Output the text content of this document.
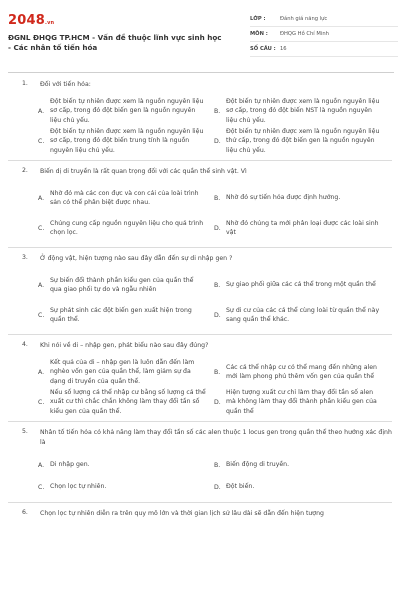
2048.vn
ĐGNL ĐHQG TP.HCM - Vấn đề thuộc lĩnh vực sinh học - Các nhân tố tiến hóa
LỚP :	Đánh giá năng lực
MÔN :	ĐHQG Hồ Chí Minh
SỐ CÂU : 16
1. Đối với tiến hóa:
A.
Đột biến tự nhiên được xem là nguồn nguyên liệu sơ cấp, trong đó đột biến gen là nguồn nguyên liệu chủ yếu.
B.
Đột biến tự nhiên được xem là nguồn nguyên liệu sơ cấp, trong đó đột biến NST là nguồn nguyên liệu chủ yếu.
C.
Đột biến tự nhiên được xem là nguồn nguyên liệu sơ cấp, trong đó đột biến trung tính là nguồn nguyên liệu chủ yếu.
D.
Đột biến tự nhiên được xem là nguồn nguyên liệu thứ cấp, trong đó đột biến gen là nguồn nguyên liệu chủ yếu.
2. Biến dị di truyền là rất quan trọng đối với các quần thể sinh vật. Vì
A.
Nhờ đó mà các con đực và con cái của loài trình sản có thể phân biệt được nhau.
B. Nhờ đó sự tiến hóa được định hướng.
C.
Chúng cung cấp nguồn nguyên liệu cho quá trình chọn lọc.
D.
Nhờ đó chúng ta mới phân loại được các loài sinh vật
3. Ở động vật, hiện tượng nào sau đây dẫn đến sự di nhập gen ?
A.
Sự biến đổi thành phần kiểu gen của quần thể qua giao phối tự do và ngẫu nhiên
B. Sự giao phối giữa các cá thể trong một quần thể
C.
Sự phát sinh các đột biến gen xuất hiện trong quần thể.
D.
Sự di cư của các cá thể cùng loài từ quần thể này sang quần thể khác.
4. Khi nói về di – nhập gen, phát biểu nào sau đây đúng?
A.
Kết quả của di – nhập gen là luôn dẫn đến làm nghèo vốn gen của quần thể, làm giảm sự đa dạng di truyền của quần thể.
B.
Các cá thể nhập cư có thể mang đến những alen mới làm phong phú thêm vốn gen của quần thể
C.
Nếu số lượng cá thể nhập cư bằng số lượng cá thể xuất cư thì chắc chắn không làm thay đổi tần số kiểu gen của quần thể.
D.
Hiện tượng xuất cư chỉ làm thay đổi tần số alen mà không làm thay đổi thành phần kiểu gen của quần thể
5. Nhân tố tiến hóa có khả năng làm thay đổi tần số các alen thuộc 1 locus gen trong quần thể theo hướng xác định là
A. Di nhập gen.	B. Biến động di truyền.
C. Chọn lọc tự nhiên.	D. Đột biến.
6. Chọn lọc tự nhiên diễn ra trên quy mô lớn và thời gian lịch sử lâu dài sẽ dẫn đến hiện tượng
